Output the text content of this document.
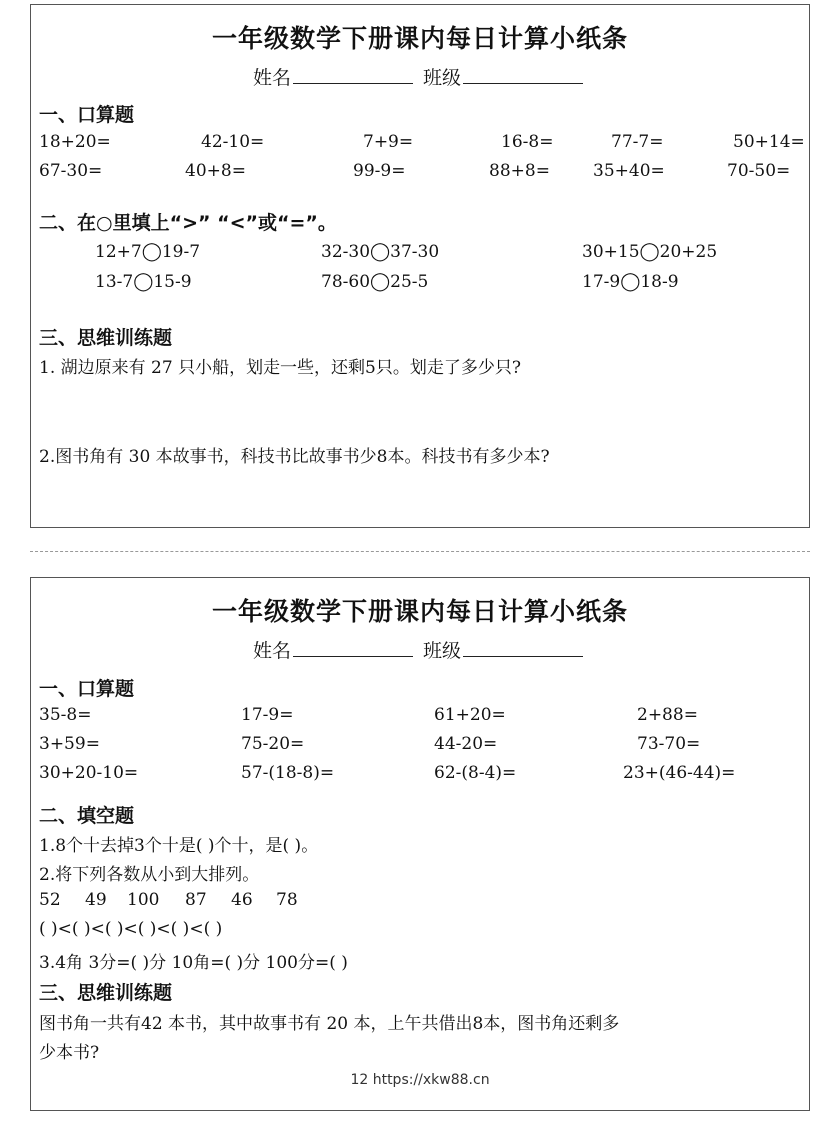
一年级数学下册课内每日计算小纸条
姓名	班级
一、口算题
18+20=	42-10=	7+9=	16-8=	77-7=	50+14=
67-30=	40+8=	99-9=	88+8=	35+40=	70-50=
二、在○里填上“>” “<”或“=”。
12+7◯19-7	32-30◯37-30	30+15◯20+25
13-7◯15-9	78-60◯25-5	17-9◯18-9
三、思维训练题
1. 湖边原来有 27 只小船，划走一些，还剩5只。划走了多少只?
2.图书角有 30 本故事书，科技书比故事书少8本。科技书有多少本?
一年级数学下册课内每日计算小纸条
姓名	班级
一、口算题
35-8=	17-9=	61+20=	2+88=
3+59=	75-20=	44-20=	73-70=
30+20-10=	57-(18-8)=	62-(8-4)=	23+(46-44)=
二、填空题
1.8个十去掉3个十是( )个十，是( )。
2.将下列各数从小到大排列。
52 49 100 87 46 78
( )<( )<( )<( )<( )<( )
3.4角 3分=( )分 10角=( )分 100分=( )
三、思维训练题
图书角一共有42 本书，其中故事书有 20 本，上午共借出8本，图书角还剩多
少本书?
12 https://xkw88.cn
